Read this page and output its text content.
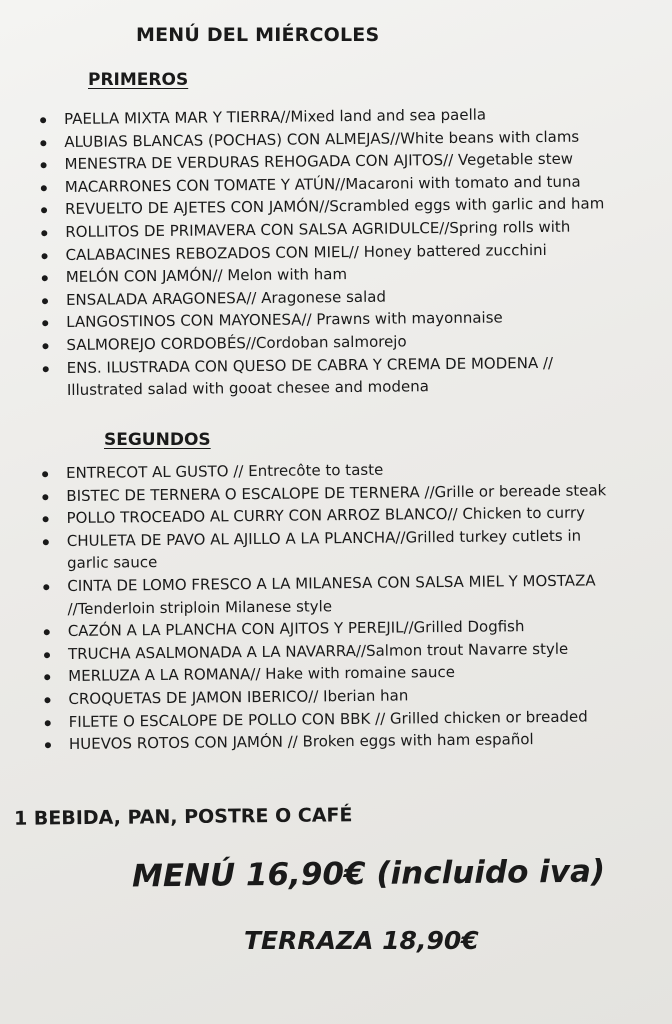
MENÚ DEL MIÉRCOLES
PRIMEROS
PAELLA MIXTA MAR Y TIERRA//Mixed land and sea paella
ALUBIAS BLANCAS (POCHAS) CON ALMEJAS//White beans with clams
MENESTRA DE VERDURAS REHOGADA CON AJITOS// Vegetable stew
MACARRONES CON TOMATE Y ATÚN//Macaroni with tomato and tuna
REVUELTO DE AJETES CON JAMÓN//Scrambled eggs with garlic and ham
ROLLITOS DE PRIMAVERA CON SALSA AGRIDULCE//Spring rolls with
CALABACINES REBOZADOS CON MIEL// Honey battered zucchini
MELÓN CON JAMÓN// Melon with ham
ENSALADA ARAGONESA// Aragonese salad
LANGOSTINOS CON MAYONESA// Prawns with mayonnaise
SALMOREJO CORDOBÉS//Cordoban salmorejo
ENS. ILUSTRADA CON QUESO DE CABRA Y CREMA DE MODENA //
Illustrated salad with gooat chesee and modena
SEGUNDOS
ENTRECOT AL GUSTO // Entrecôte to taste
BISTEC DE TERNERA O ESCALOPE DE TERNERA //Grille or bereade steak
POLLO TROCEADO AL CURRY CON ARROZ BLANCO// Chicken to curry
CHULETA DE PAVO AL AJILLO A LA PLANCHA//Grilled turkey cutlets in
garlic sauce
CINTA DE LOMO FRESCO A LA MILANESA CON SALSA MIEL Y MOSTAZA
//Tenderloin striploin Milanese style
CAZÓN A LA PLANCHA CON AJITOS Y PEREJIL//Grilled Dogfish
TRUCHA ASALMONADA A LA NAVARRA//Salmon trout Navarre style
MERLUZA A LA ROMANA// Hake with romaine sauce
CROQUETAS DE JAMON IBERICO// Iberian han
FILETE O ESCALOPE DE POLLO CON BBK // Grilled chicken or breaded
HUEVOS ROTOS CON JAMÓN // Broken eggs with ham español
1 BEBIDA, PAN, POSTRE O CAFÉ
MENÚ 16,90€ (incluido iva)
TERRAZA 18,90€
